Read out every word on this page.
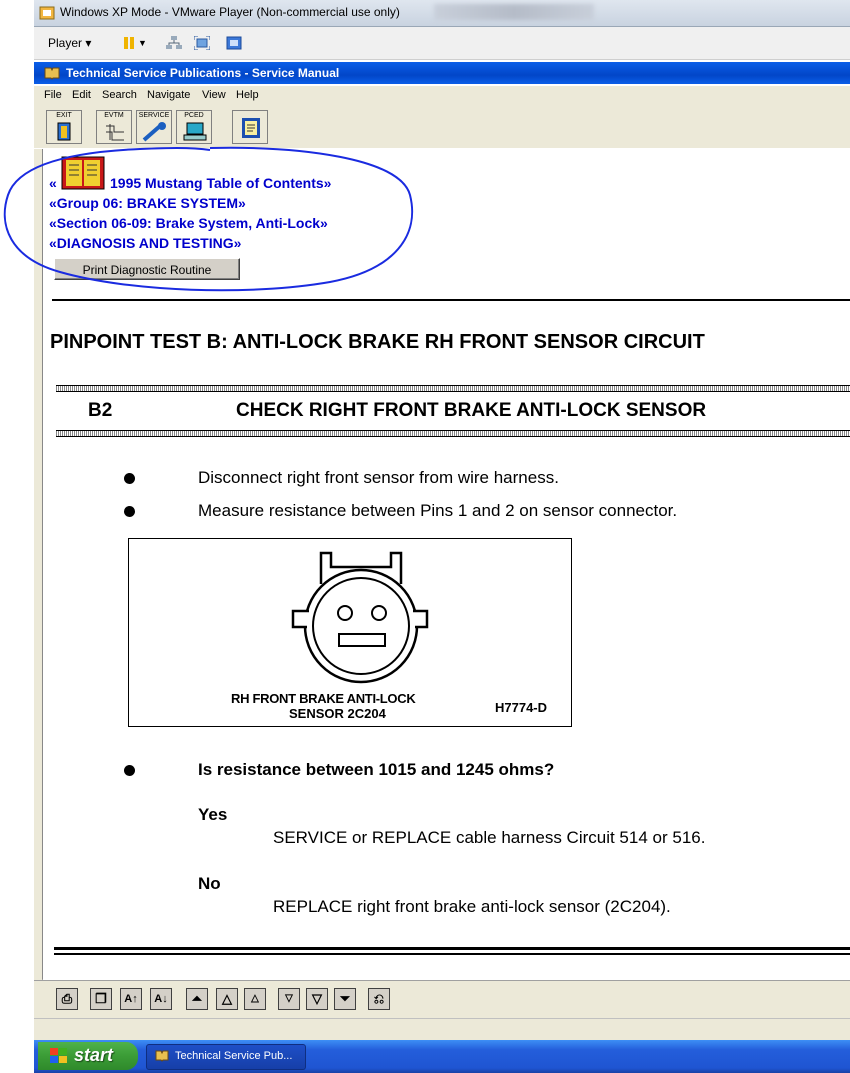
Windows XP Mode - VMware Player (Non-commercial use only)
Player ▾	▼
Technical Service Publications - Service Manual
File Edit Search Navigate View Help
EXIT	EVTM	SERVICE	PCED
«	1995 Mustang Table of Contents»
«Group 06: BRAKE SYSTEM»
«Section 06-09: Brake System, Anti-Lock»
«DIAGNOSIS AND TESTING»
Print Diagnostic Routine
PINPOINT TEST B: ANTI-LOCK BRAKE RH FRONT SENSOR CIRCUIT
B2	CHECK RIGHT FRONT BRAKE ANTI-LOCK SENSOR
Disconnect right front sensor from wire harness.
Measure resistance between Pins 1 and 2 on sensor connector.
RH FRONT BRAKE ANTI-LOCK
SENSOR 2C204	H7774-D
Is resistance between 1015 and 1245 ohms?
Yes
SERVICE or REPLACE cable harness Circuit 514 or 516.
No
REPLACE right front brake anti-lock sensor (2C204).
⎙	❐	A↑	A↓	⏶	△	△	▽	▽	⏷	⎌
start	Technical Service Pub...
